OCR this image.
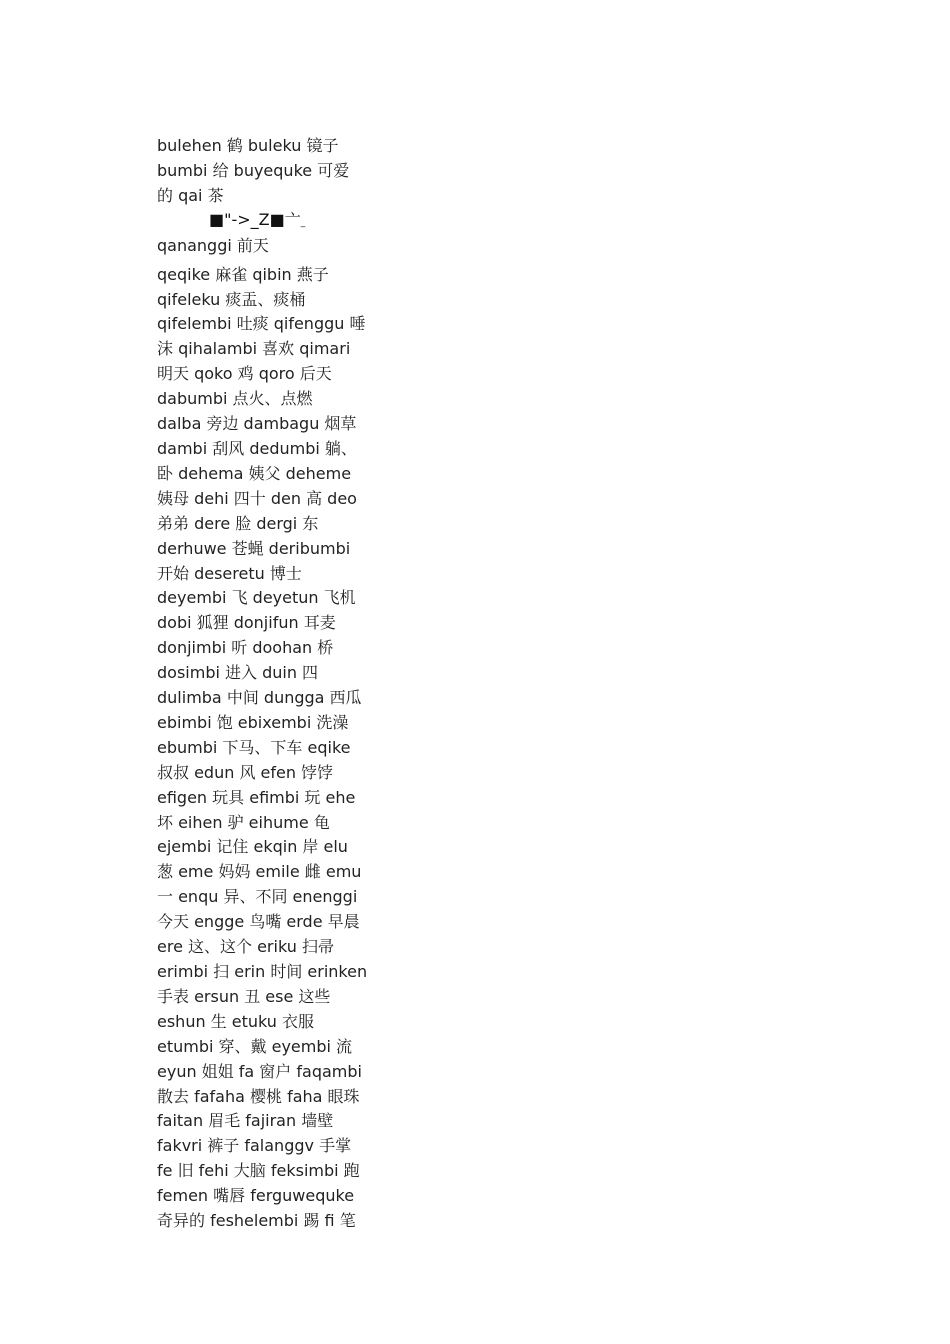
bulehen 鹤 buleku 镜子
bumbi 给 buyequke 可爱
的 qai 茶
■"->_Z■亠_
qananggi 前天
qeqike 麻雀 qibin 燕子
qifeleku 痰盂、痰桶
qifelembi 吐痰 qifenggu 唾
沫 qihalambi 喜欢 qimari
明天 qoko 鸡 qoro 后天
dabumbi 点火、点燃
dalba 旁边 dambagu 烟草
dambi 刮风 dedumbi 躺、
卧 dehema 姨父 deheme
姨母 dehi 四十 den 高 deo
弟弟 dere 脸 dergi 东
derhuwe 苍蝇 deribumbi
开始 deseretu 博士
deyembi 飞 deyetun 飞机
dobi 狐狸 donjifun 耳麦
donjimbi 听 doohan 桥
dosimbi 进入 duin 四
dulimba 中间 dungga 西瓜
ebimbi 饱 ebixembi 洗澡
ebumbi 下马、下车 eqike
叔叔 edun 风 efen 饽饽
efigen 玩具 efimbi 玩 ehe
坏 eihen 驴 eihume 龟
ejembi 记住 ekqin 岸 elu
葱 eme 妈妈 emile 雌 emu
一 enqu 异、不同 enenggi
今天 engge 鸟嘴 erde 早晨
ere 这、这个 eriku 扫帚
erimbi 扫 erin 时间 erinken
手表 ersun 丑 ese 这些
eshun 生 etuku 衣服
etumbi 穿、戴 eyembi 流
eyun 姐姐 fa 窗户 faqambi
散去 fafaha 樱桃 faha 眼珠
faitan 眉毛 fajiran 墙壁
fakvri 裤子 falanggv 手掌
fe 旧 fehi 大脑 feksimbi 跑
femen 嘴唇 ferguwequke
奇异的 feshelembi 踢 fi 笔
